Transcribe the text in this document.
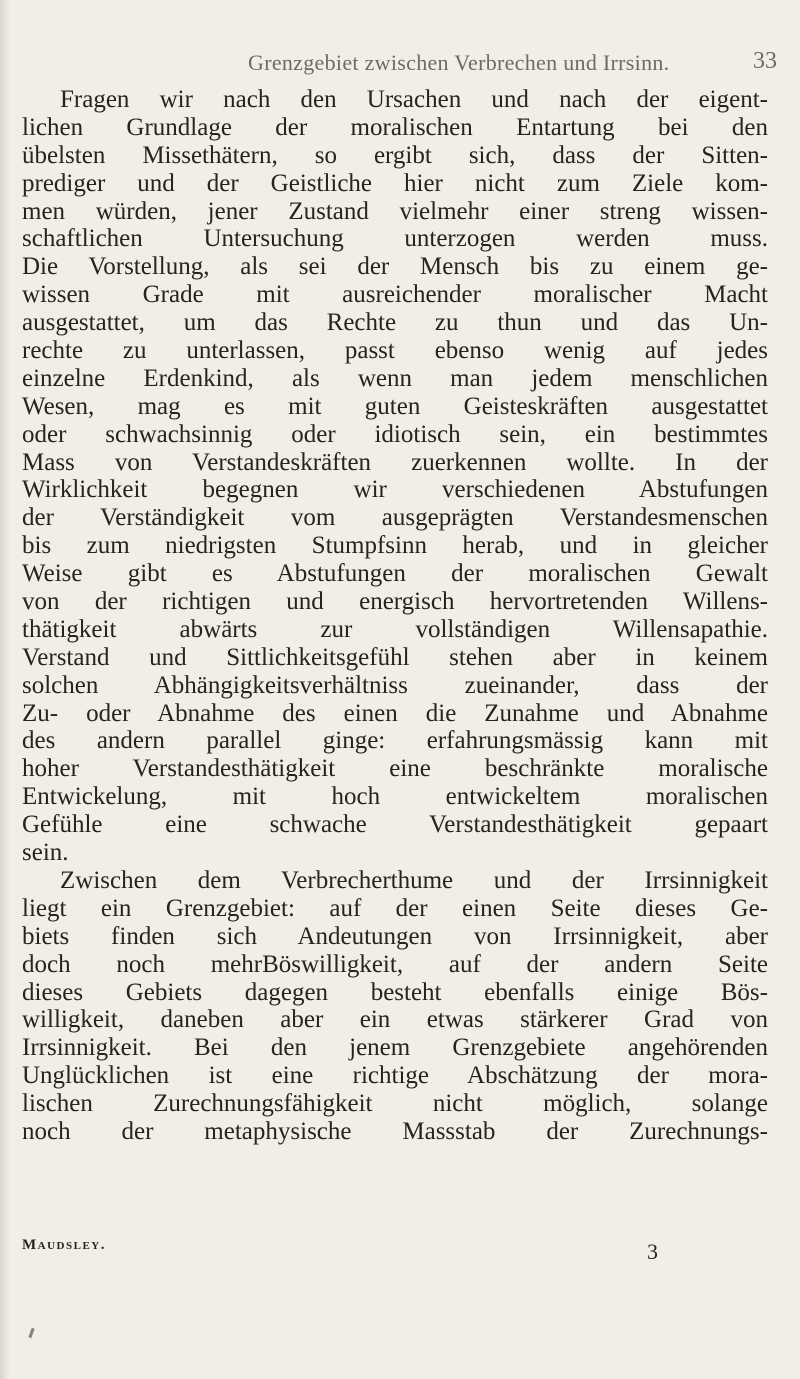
Grenzgebiet zwischen Verbrechen und Irrsinn.	33
Fragen wir nach den Ursachen und nach der eigent-
lichen Grundlage der moralischen Entartung bei den
übelsten Missethätern, so ergibt sich, dass der Sitten-
prediger und der Geistliche hier nicht zum Ziele kom-
men würden, jener Zustand vielmehr einer streng wissen-
schaftlichen Untersuchung unterzogen werden muss.
Die Vorstellung, als sei der Mensch bis zu einem ge-
wissen Grade mit ausreichender moralischer Macht
ausgestattet, um das Rechte zu thun und das Un-
rechte zu unterlassen, passt ebenso wenig auf jedes
einzelne Erdenkind, als wenn man jedem menschlichen
Wesen, mag es mit guten Geisteskräften ausgestattet
oder schwachsinnig oder idiotisch sein, ein bestimmtes
Mass von Verstandeskräften zuerkennen wollte. In der
Wirklichkeit begegnen wir verschiedenen Abstufungen
der Verständigkeit vom ausgeprägten Verstandesmenschen
bis zum niedrigsten Stumpfsinn herab, und in gleicher
Weise gibt es Abstufungen der moralischen Gewalt
von der richtigen und energisch hervortretenden Willens-
thätigkeit abwärts zur vollständigen Willensapathie.
Verstand und Sittlichkeitsgefühl stehen aber in keinem
solchen Abhängigkeitsverhältniss zueinander, dass der
Zu- oder Abnahme des einen die Zunahme und Abnahme
des andern parallel ginge: erfahrungsmässig kann mit
hoher Verstandesthätigkeit eine beschränkte moralische
Entwickelung, mit hoch entwickeltem moralischen
Gefühle eine schwache Verstandesthätigkeit gepaart
sein.
Zwischen dem Verbrecherthume und der Irrsinnigkeit
liegt ein Grenzgebiet: auf der einen Seite dieses Ge-
biets finden sich Andeutungen von Irrsinnigkeit, aber
doch noch mehrBöswilligkeit, auf der andern Seite
dieses Gebiets dagegen besteht ebenfalls einige Bös-
willigkeit, daneben aber ein etwas stärkerer Grad von
Irrsinnigkeit. Bei den jenem Grenzgebiete angehörenden
Unglücklichen ist eine richtige Abschätzung der mora-
lischen Zurechnungsfähigkeit nicht möglich, solange
noch der metaphysische Massstab der Zurechnungs-
Maudsley.	3
